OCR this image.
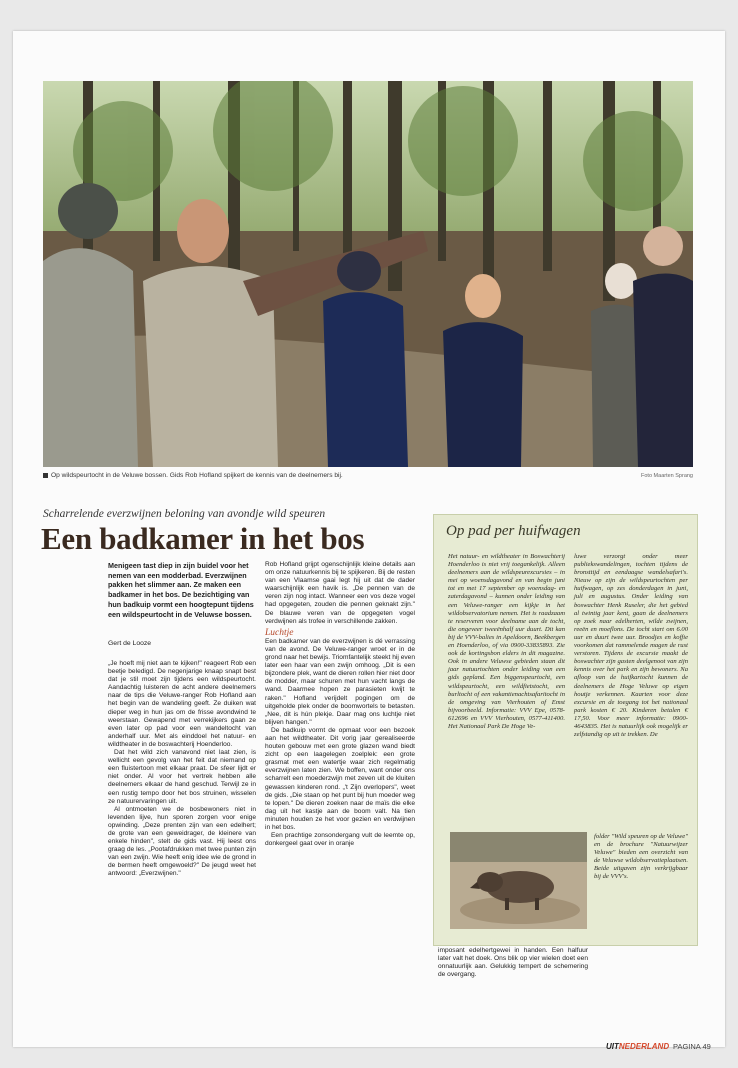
Op wildspeurtocht in de Veluwe bossen. Gids Rob Hofland spijkert de kennis van de deelnemers bij.	Foto Maarten Sprang
Scharrelende everzwijnen beloning van avondje wild speuren
Een badkamer in het bos
Menigeen tast diep in zijn buidel voor het nemen van een modderbad. Everzwijnen pakken het slimmer aan. Ze maken een badkamer in het bos. De bezichtiging van hun badkuip vormt een hoogtepunt tijdens een wildspeurtocht in de Veluwse bossen.
Gert de Looze

„Je hoeft mij niet aan te kijken!" reageert Rob een beetje beledigd. De negenjarige knaap snapt best dat je stil moet zijn tijdens een wildspeurtocht. Aandachtig luisteren de acht andere deelnemers naar de tips die Veluwe-ranger Rob Hofland aan het begin van de wandeling geeft. Ze duiken wat dieper weg in hun jas om de frisse avondwind te weerstaan. Gewapend met verrekijkers gaan ze even later op pad voor een wandeltocht van anderhalf uur. Met als einddoel het natuur- en wildtheater in de boswachterij Hoenderloo.

Dat het wild zich vanavond niet laat zien, is wellicht een gevolg van het feit dat niemand op een fluistertoon met elkaar praat. De sfeer lijdt er niet onder. Al voor het vertrek hebben alle deelnemers elkaar de hand geschud. Terwijl ze in een rustig tempo door het bos struinen, wisselen ze natuurervaringen uit.

Al ontmoeten we de bosbewoners niet in levenden lijve, hun sporen zorgen voor enige opwinding. „Deze prenten zijn van een edelhert; de grote van een geweidrager, de kleinere van enkele hinden", stelt de gids vast. Hij leest ons graag de les. „Pootafdrukken met twee punten zijn van een zwijn. Wie heeft enig idee wie de grond in de bermen heeft omgewoeld?" De jeugd weet het antwoord: „Everzwijnen."

Rob Hofland grijpt ogenschijnlijk kleine details aan om onze natuurkennis bij te spijkeren. Bij de resten van een Vlaamse gaai legt hij uit dat de dader waarschijnlijk een havik is. „De pennen van de veren zijn nog intact. Wanneer een vos deze vogel had opgegeten, zouden die pennen geknakt zijn." De blauwe veren van de opgegeten vogel verdwijnen als trofee in verschillende zakken.

Luchtje

Een badkamer van de everzwijnen is dé verrassing van de avond. De Veluwe-ranger wroet er in de grond naar het bewijs. Triomfantelijk steekt hij even later een haar van een zwijn omhoog. „Dit is een bijzondere plek, want de dieren rollen hier niet door de modder, maar schuren met hun vacht langs de wand. Daarmee hopen ze parasieten kwijt te raken." Hofland verijdelt pogingen om de uitgeholde plek onder de boomwortels te betasten. „Nee, dit is hún plekje. Daar mag ons luchtje niet blijven hangen."

De badkuip vormt de opmaat voor een bezoek aan het wildtheater. Dit vorig jaar gerealiseerde houten gebouw met een grote glazen wand biedt zicht op een laagelegen zoelplek: een grote grasmat met een watertje waar zich regelmatig everzwijnen laten zien. We boffen, want onder ons scharrelt een moederzwijn met zeven uit de kluiten gewassen kinderen rond. „'t Zijn overlopers", weet de gids. „Die staan op het punt bij hun moeder weg te lopen." De dieren zoeken naar de maïs die elke dag uit het kastje aan de boom valt. Na tien minuten houden ze het voor gezien en verdwijnen in het bos.

Een prachtige zonsondergang vult de leemte op, donkergeel gaat over in oranje

imposant edelhertgewei in handen. Een halfuur later valt het doek. Ons blik op vier wielen doet een onnatuurlijk aan. Gelukkig tempert de schemering de overgang.

Op pad per huifwagen
Het natuur- en wildtheater in Boswachterij Hoenderloo is niet vrij toegankelijk. Alleen deelnemers aan de wildspeurexcursies – in mei op woensdagavond en van begin juni tot en met 17 september op woensdag- en zaterdagavond – kunnen onder leiding van een Veluwe-ranger een kijkje in het wildobservatorium nemen. Het is raadzaam te reserveren voor deelname aan de tocht, die ongeveer tweeënhalf uur duurt. Dit kan bij de VVV-balies in Apeldoorn, Beekbergen en Hoenderloo, of via 0900-33835893. Zie ook de kortingsbon elders in dit magazine. Ook in andere Veluwse gebieden staan dit jaar natuurtochten onder leiding van een gids gepland. Een biggenspeurtocht, een wildspeurtocht, een wildfietstocht, een burltocht of een vakantienachtsafaritocht in de omgeving van Vierhouten of Emst bijvoorbeeld. Informatie: VVV Epe, 0578-612696 en VVV Vierhouten, 0577-411400. Het Nationaal Park De Hoge Ve-
luwe verzorgt onder meer publiekswandelingen, tochten tijdens de bronsttijd en eendaagse wandelsafari's. Nieuw op zijn de wildspeurtochten per huifwagen, op zes donderdagen in juni, juli en augustus. Onder leiding van boswachter Henk Ruseler, die het gebied al twintig jaar kent, gaan de deelnemers op zoek naar edelherten, wilde zwijnen, reeën en moeflons. De tocht start om 6.00 uur en duurt twee uur. Broodjes en koffie voorkomen dat rammelende magen de rust verstoren. Tijdens de excursie maakt de boswachter zijn gasten deelgenoot van zijn kennis over het park en zijn bewoners. Na afloop van de huifkartocht kunnen de deelnemers de Hoge Veluwe op eigen houtje verkennen. Kaarten voor deze excursie en de toegang tot het nationaal park kosten € 20. Kinderen betalen € 17,50. Voor meer informatie: 0900-4643835. Het is natuurlijk ook mogelijk er zelfstandig op uit te trekken. De
folder "Wild speuren op de Veluwe" en de brochure "Natuurwijzer Veluwe" bieden een overzicht van de Veluwse wildobservatieplaatsen. Beide uitgaven zijn verkrijgbaar bij de VVV's.
UITNEDERLAND PAGINA 49
